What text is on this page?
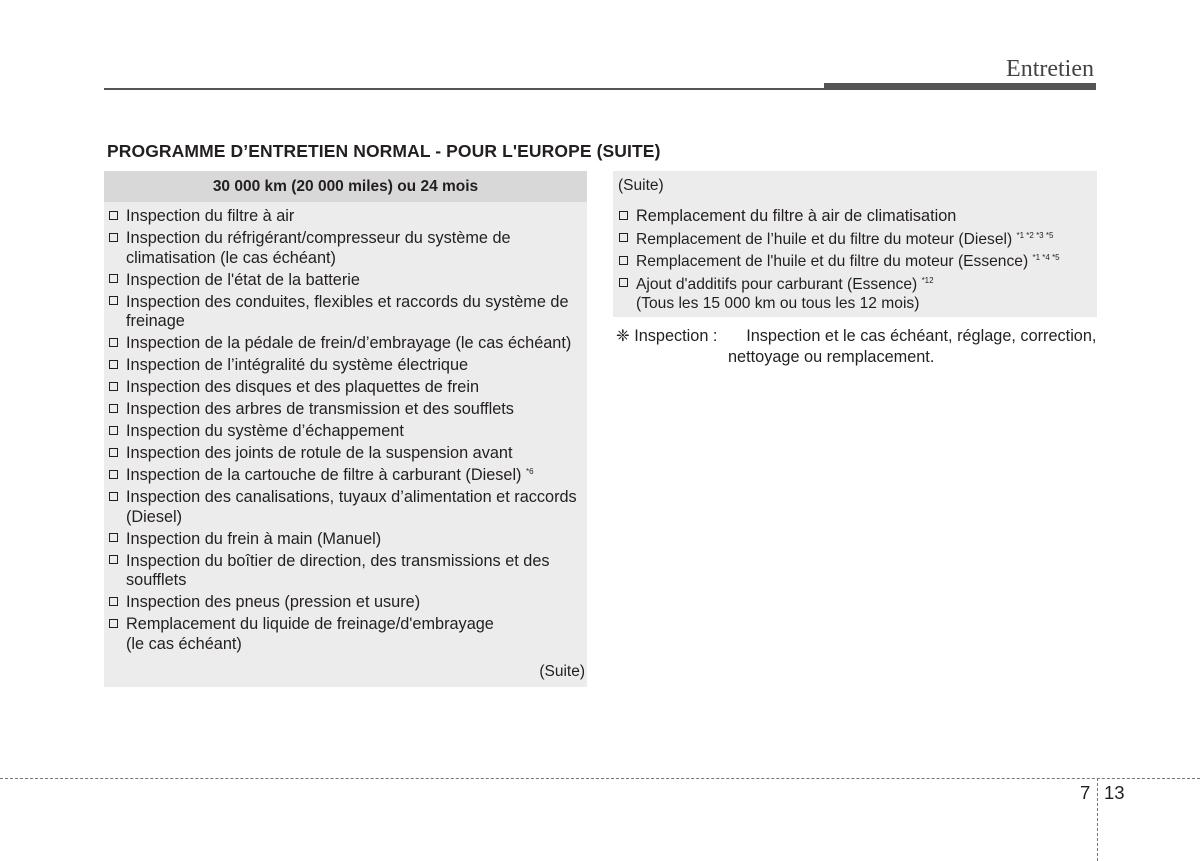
Entretien
PROGRAMME D’ENTRETIEN NORMAL - POUR L'EUROPE (SUITE)
30 000 km (20 000 miles) ou 24 mois
Inspection du filtre à air
Inspection du réfrigérant/compresseur du système de climatisation (le cas échéant)
Inspection de l'état de la batterie
Inspection des conduites, flexibles et raccords du système de freinage
Inspection de la pédale de frein/d’embrayage (le cas échéant)
Inspection de l’intégralité du système électrique
Inspection des disques et des plaquettes de frein
Inspection des arbres de transmission et des soufflets
Inspection du système d’échappement
Inspection des joints de rotule de la suspension avant
Inspection de la cartouche de filtre à carburant (Diesel) $^{*6}$
Inspection des canalisations, tuyaux d’alimentation et raccords (Diesel)
Inspection du frein à main (Manuel)
Inspection du boîtier de direction, des transmissions et des soufflets
Inspection des pneus (pression et usure)
Remplacement du liquide de freinage/d'embrayage
(le cas échéant)
(Suite)
(Suite)
Remplacement du filtre à air de climatisation
Remplacement de l’huile et du filtre du moteur (Diesel) $^{*1 *2 *3 *5}$
Remplacement de l'huile et du filtre du moteur (Essence) $^{*1 *4 *5}$
Ajout d'additifs pour carburant (Essence) $^{*12}$
(Tous les 15 000 km ou tous les 12 mois)
❈ Inspection : Inspection et le cas échéant, réglage, correction,
nettoyage ou remplacement.
7 13
